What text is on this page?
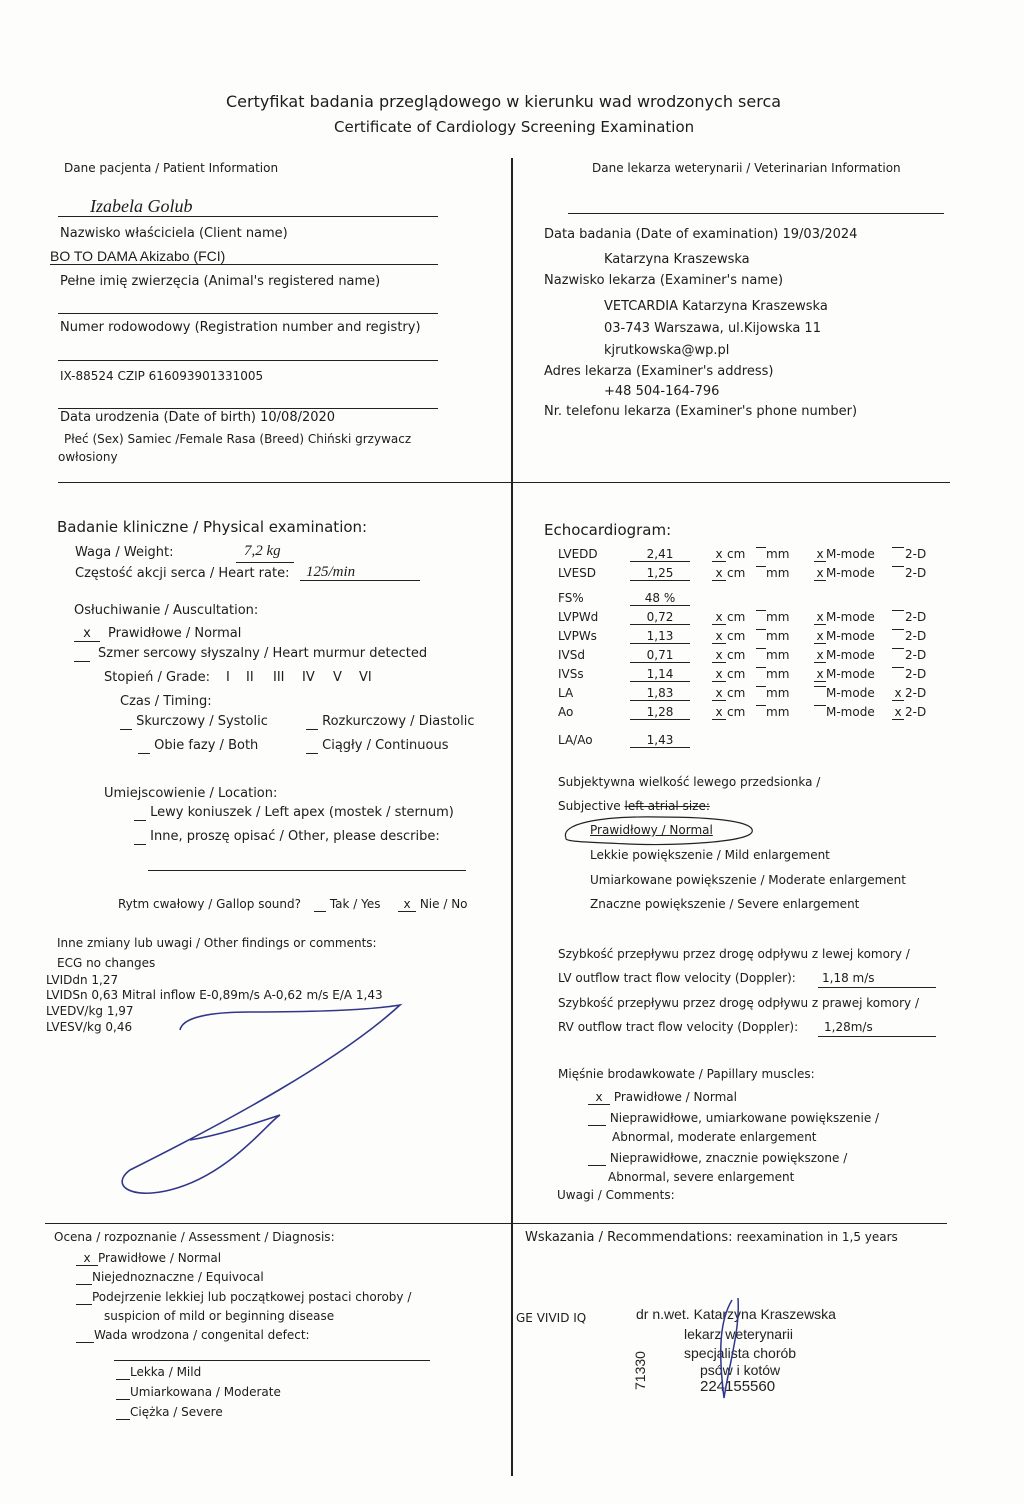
Certyfikat badania przeglądowego w kierunku wad wrodzonych serca
Certificate of Cardiology Screening Examination
Dane pacjenta / Patient Information
Izabela Golub
Nazwisko właściciela (Client name)
BO TO DAMA Akizabo (FCI)
Pełne imię zwierzęcia (Animal's registered name)
Numer rodowodowy (Registration number and registry)
IX-88524 CZIP 616093901331005
Data urodzenia (Date of birth) 10/08/2020
Płeć (Sex) Samiec /Female Rasa (Breed) Chiński grzywacz
owłosiony
Dane lekarza weterynarii / Veterinarian Information
Data badania (Date of examination) 19/03/2024
Katarzyna Kraszewska
Nazwisko lekarza (Examiner's name)
VETCARDIA Katarzyna Kraszewska
03-743 Warszawa, ul.Kijowska 11
kjrutkowska@wp.pl
Adres lekarza (Examiner's address)
+48 504-164-796
Nr. telefonu lekarza (Examiner's phone number)
Badanie kliniczne / Physical examination:
Waga / Weight:	7,2 kg
Częstość akcji serca / Heart rate: 125/min
Osłuchiwanie / Auscultation:
x	Prawidłowe / Normal

Szmer sercowy słyszalny / Heart murmur detected
Stopień / Grade: I II III IV V VI
Czas / Timing:
Skurczowy / Systolic	Rozkurczowy / Diastolic
Obie fazy / Both	Ciągły / Continuous
Umiejscowienie / Location:
Lewy koniuszek / Left apex (mostek / sternum)
Inne, proszę opisać / Other, please describe:
Rytm cwałowy / Gallop sound?	Tak / Yes	x Nie / No
Inne zmiany lub uwagi / Other findings or comments:
ECG no changes
LVIDdn 1,27
LVIDSn 0,63 Mitral inflow E-0,89m/s A-0,62 m/s E/A 1,43
LVEDV/kg 1,97
LVESV/kg 0,46
Echocardiogram:
LVEDD	2,41	x cm mm x M-mode	2-D
LVESD	1,25	x cm mm x M-mode	2-D
FS%	48 %
LVPWd	0,72	x cm mm x M-mode	2-D
LVPWs	1,13	x cm mm x M-mode	2-D
IVSd	0,71	x cm mm x M-mode	2-D
IVSs	1,14	x cm mm x M-mode	2-D
LA	1,83	x cm mm	M-mode x 2-D
Ao	1,28	x cm mm	M-mode x 2-D
LA/Ao	1,43
Subjektywna wielkość lewego przedsionka /
Subjective left atrial size:
Prawidłowy / Normal
Lekkie powiększenie / Mild enlargement
Umiarkowane powiększenie / Moderate enlargement
Znaczne powiększenie / Severe enlargement
Szybkość przepływu przez drogę odpływu z lewej komory /
LV outflow tract flow velocity (Doppler): 1,18 m/s
Szybkość przepływu przez drogę odpływu z prawej komory /
RV outflow tract flow velocity (Doppler): 1,28m/s
Mięśnie brodawkowate / Papillary muscles:
x Prawidłowe / Normal
Nieprawidłowe, umiarkowane powiększenie /
Abnormal, moderate enlargement
Nieprawidłowe, znacznie powiększone /
Abnormal, severe enlargement
Uwagi / Comments:
Ocena / rozpoznanie / Assessment / Diagnosis:
x Prawidłowe / Normal
Niejednoznaczne / Equivocal
Podejrzenie lekkiej lub początkowej postaci choroby /
suspicion of mild or beginning disease
Wada wrodzona / congenital defect:
Lekka / Mild
Umiarkowana / Moderate
Ciężka / Severe
Wskazania / Recommendations: reexamination in 1,5 years
GE VIVID IQ	dr n.wet. Katarzyna Kraszewska
lekarz weterynarii
specjalista chorób
psów i kotów
224155560
71330
